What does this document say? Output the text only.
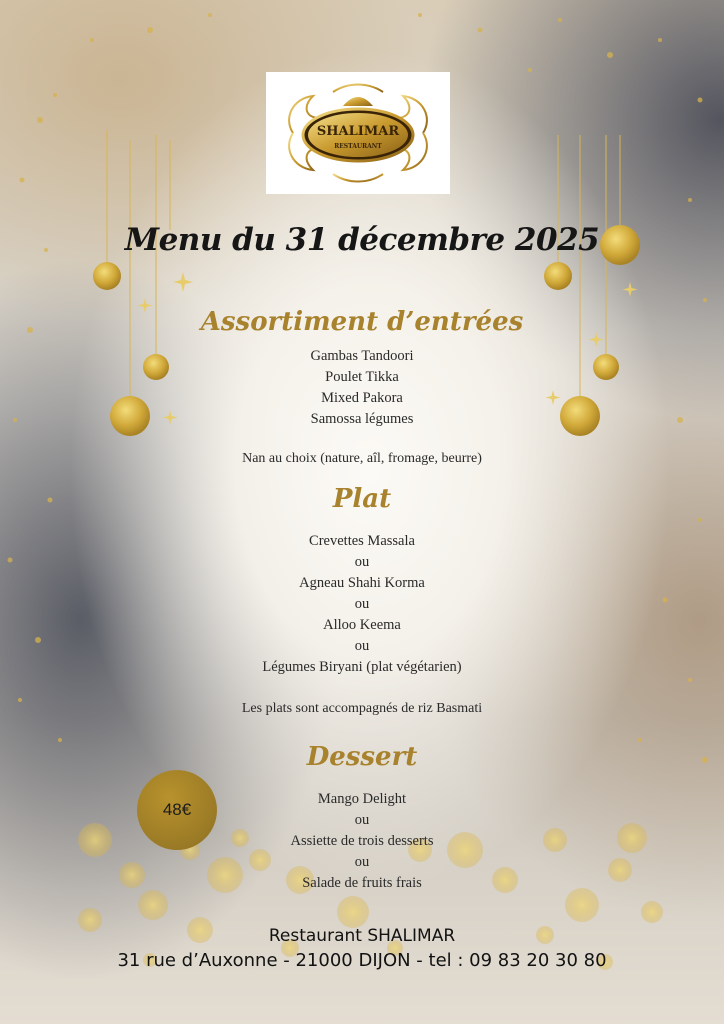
SHALIMAR
RESTAURANT
Menu du 31 décembre 2025
Assortiment d’entrées
Gambas Tandoori
Poulet Tikka
Mixed Pakora
Samossa légumes
Nan au choix (nature, aîl, fromage, beurre)
Plat
Crevettes Massala
ou
Agneau Shahi Korma
ou
Alloo Keema
ou
Légumes Biryani (plat végétarien)
Les plats sont accompagnés de riz Basmati
Dessert
Mango Delight
ou
Assiette de trois desserts
ou
Salade de fruits frais
48€
Restaurant SHALIMAR
31 rue d’Auxonne - 21000 DIJON - tel : 09 83 20 30 80
